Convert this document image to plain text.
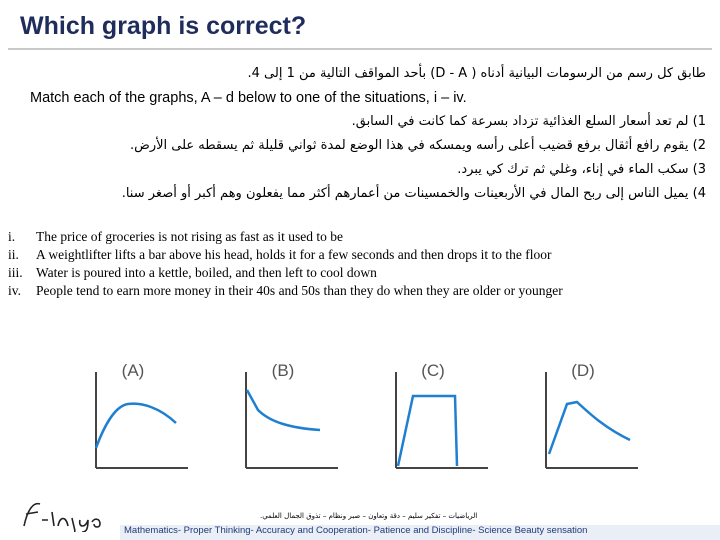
Which graph is correct?
طابق كل رسم من الرسومات البيانية أدناه ( D - A) بأحد المواقف التالية من 1 إلى 4.
Match each of the graphs, A – d below to one of the situations, i – iv.
1) لم تعد أسعار السلع الغذائية تزداد بسرعة كما كانت في السابق.
2) يقوم رافع أثقال برفع قضيب أعلى رأسه ويمسكه في هذا الوضع لمدة ثواني قليلة ثم يسقطه على الأرض.
3) سكب الماء في إناء، وغلي ثم ترك كي يبرد.
4) يميل الناس إلى ربح المال في الأربعينات والخمسينات من أعمارهم أكثر مما يفعلون وهم أكبر أو أصغر سنا.
i.	The price of groceries is not rising as fast as it used to be
ii.	A weightlifter lifts a bar above his head, holds it for a few seconds and then drops it to the floor
iii. Water is poured into a kettle, boiled, and then left to cool down
iv.	People tend to earn more money in their 40s and 50s than they do when they are older or younger
(A)	(B)	(C)	(D)
الرياضيات – تفكير سليم – دقة وتعاون – صبر ونظام – تذوق الجمال العلمي.
Mathematics- Proper Thinking- Accuracy and Cooperation- Patience and Discipline- Science Beauty sensation
